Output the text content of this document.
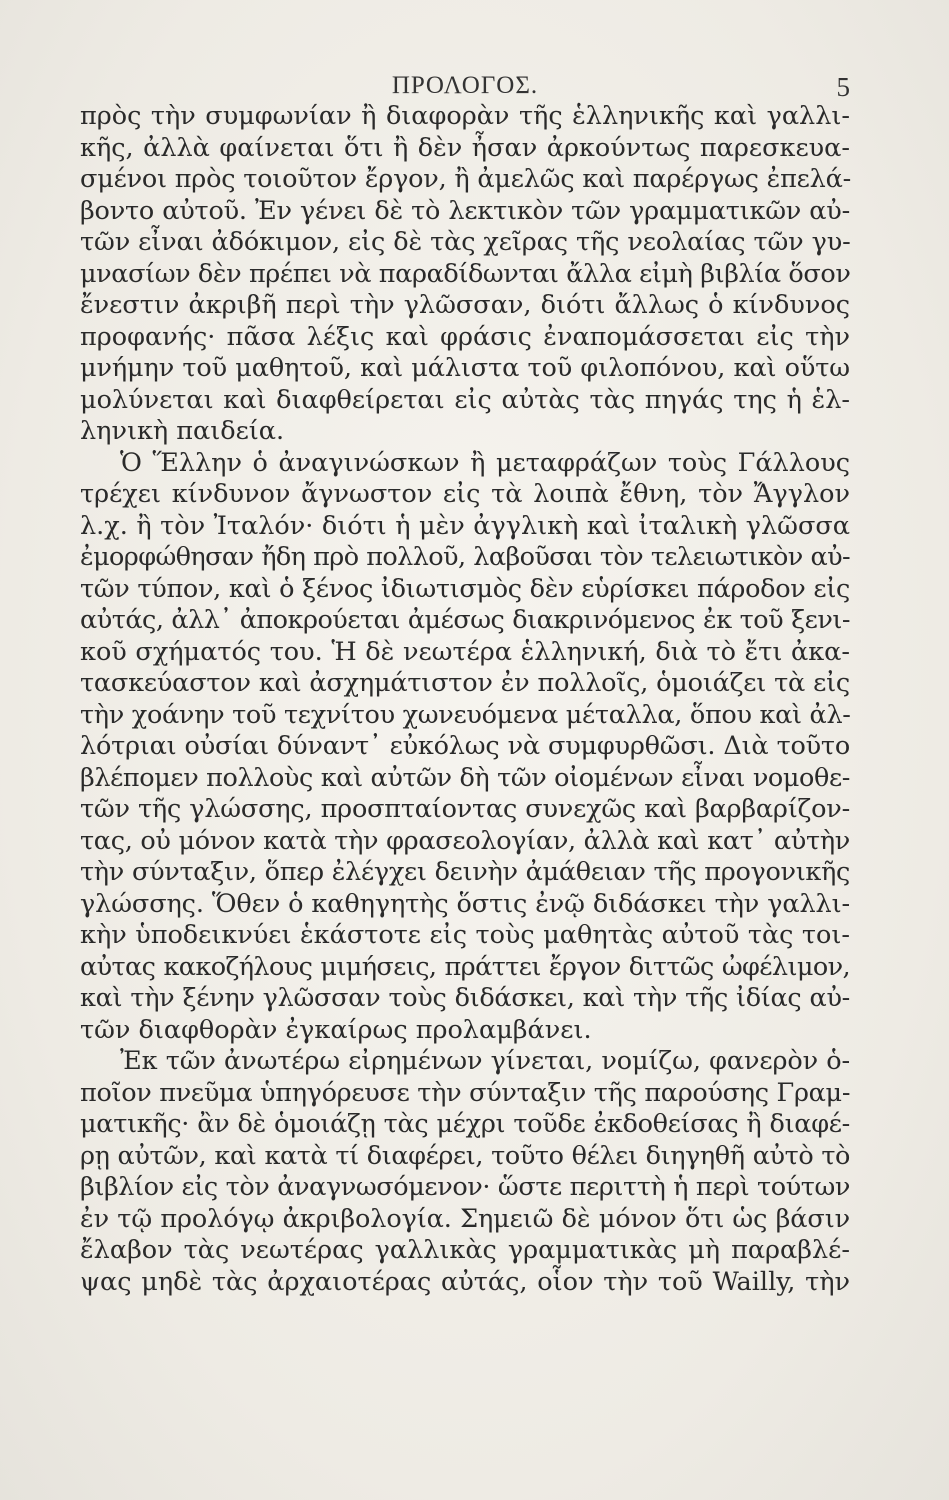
ΠΡΟΛΟΓΟΣ.	5
πρὸς τὴν συμφωνίαν ἢ διαφορὰν τῆς ἑλληνικῆς καὶ γαλλι-
κῆς, ἀλλὰ φαίνεται ὅτι ἢ δὲν ἦσαν ἀρκούντως παρεσκευα-
σμένοι πρὸς τοιοῦτον ἔργον, ἢ ἀμελῶς καὶ παρέργως ἐπελά-
βοντο αὐτοῦ. Ἐν γένει δὲ τὸ λεκτικὸν τῶν γραμματικῶν αὐ-
τῶν εἶναι ἀδόκιμον, εἰς δὲ τὰς χεῖρας τῆς νεολαίας τῶν γυ-
μνασίων δὲν πρέπει νὰ παραδίδωνται ἄλλα εἰμὴ βιβλία ὅσον
ἔνεστιν ἀκριβῆ περὶ τὴν γλῶσσαν, διότι ἄλλως ὁ κίνδυνος
προφανής· πᾶσα λέξις καὶ φράσις ἐναπομάσσεται εἰς τὴν
μνήμην τοῦ μαθητοῦ, καὶ μάλιστα τοῦ φιλοπόνου, καὶ οὕτω
μολύνεται καὶ διαφθείρεται εἰς αὐτὰς τὰς πηγάς της ἡ ἑλ-
ληνικὴ παιδεία.
Ὁ Ἕλλην ὁ ἀναγινώσκων ἢ μεταφράζων τοὺς Γάλλους
τρέχει κίνδυνον ἄγνωστον εἰς τὰ λοιπὰ ἔθνη, τὸν Ἄγγλον
λ.χ. ἢ τὸν Ἰταλόν· διότι ἡ μὲν ἀγγλικὴ καὶ ἰταλικὴ γλῶσσα
ἐμορφώθησαν ἤδη πρὸ πολλοῦ, λαβοῦσαι τὸν τελειωτικὸν αὐ-
τῶν τύπον, καὶ ὁ ξένος ἰδιωτισμὸς δὲν εὑρίσκει πάροδον εἰς
αὐτάς, ἀλλ᾽ ἀποκρούεται ἀμέσως διακρινόμενος ἐκ τοῦ ξενι-
κοῦ σχήματός του. Ἡ δὲ νεωτέρα ἑλληνική, διὰ τὸ ἔτι ἀκα-
τασκεύαστον καὶ ἀσχημάτιστον ἐν πολλοῖς, ὁμοιάζει τὰ εἰς
τὴν χοάνην τοῦ τεχνίτου χωνευόμενα μέταλλα, ὅπου καὶ ἀλ-
λότριαι οὐσίαι δύναντ᾽ εὐκόλως νὰ συμφυρθῶσι. Διὰ τοῦτο
βλέπομεν πολλοὺς καὶ αὐτῶν δὴ τῶν οἰομένων εἶναι νομοθε-
τῶν τῆς γλώσσης, προσπταίοντας συνεχῶς καὶ βαρβαρίζον-
τας, οὐ μόνον κατὰ τὴν φρασεολογίαν, ἀλλὰ καὶ κατ᾽ αὐτὴν
τὴν σύνταξιν, ὅπερ ἐλέγχει δεινὴν ἀμάθειαν τῆς προγονικῆς
γλώσσης. Ὅθεν ὁ καθηγητὴς ὅστις ἐνῷ διδάσκει τὴν γαλλι-
κὴν ὑποδεικνύει ἑκάστοτε εἰς τοὺς μαθητὰς αὐτοῦ τὰς τοι-
αὐτας κακοζήλους μιμήσεις, πράττει ἔργον διττῶς ὠφέλιμον,
καὶ τὴν ξένην γλῶσσαν τοὺς διδάσκει, καὶ τὴν τῆς ἰδίας αὐ-
τῶν διαφθορὰν ἐγκαίρως προλαμβάνει.
Ἐκ τῶν ἀνωτέρω εἰρημένων γίνεται, νομίζω, φανερὸν ὁ-
ποῖον πνεῦμα ὑπηγόρευσε τὴν σύνταξιν τῆς παρούσης Γραμ-
ματικῆς· ἂν δὲ ὁμοιάζῃ τὰς μέχρι τοῦδε ἐκδοθείσας ἢ διαφέ-
ρῃ αὐτῶν, καὶ κατὰ τί διαφέρει, τοῦτο θέλει διηγηθῆ αὐτὸ τὸ
βιβλίον εἰς τὸν ἀναγνωσόμενον· ὥστε περιττὴ ἡ περὶ τούτων
ἐν τῷ προλόγῳ ἀκριβολογία. Σημειῶ δὲ μόνον ὅτι ὡς βάσιν
ἔλαβον τὰς νεωτέρας γαλλικὰς γραμματικὰς μὴ παραβλέ-
ψας μηδὲ τὰς ἀρχαιοτέρας αὐτάς, οἷον τὴν τοῦ Wailly, τὴν
